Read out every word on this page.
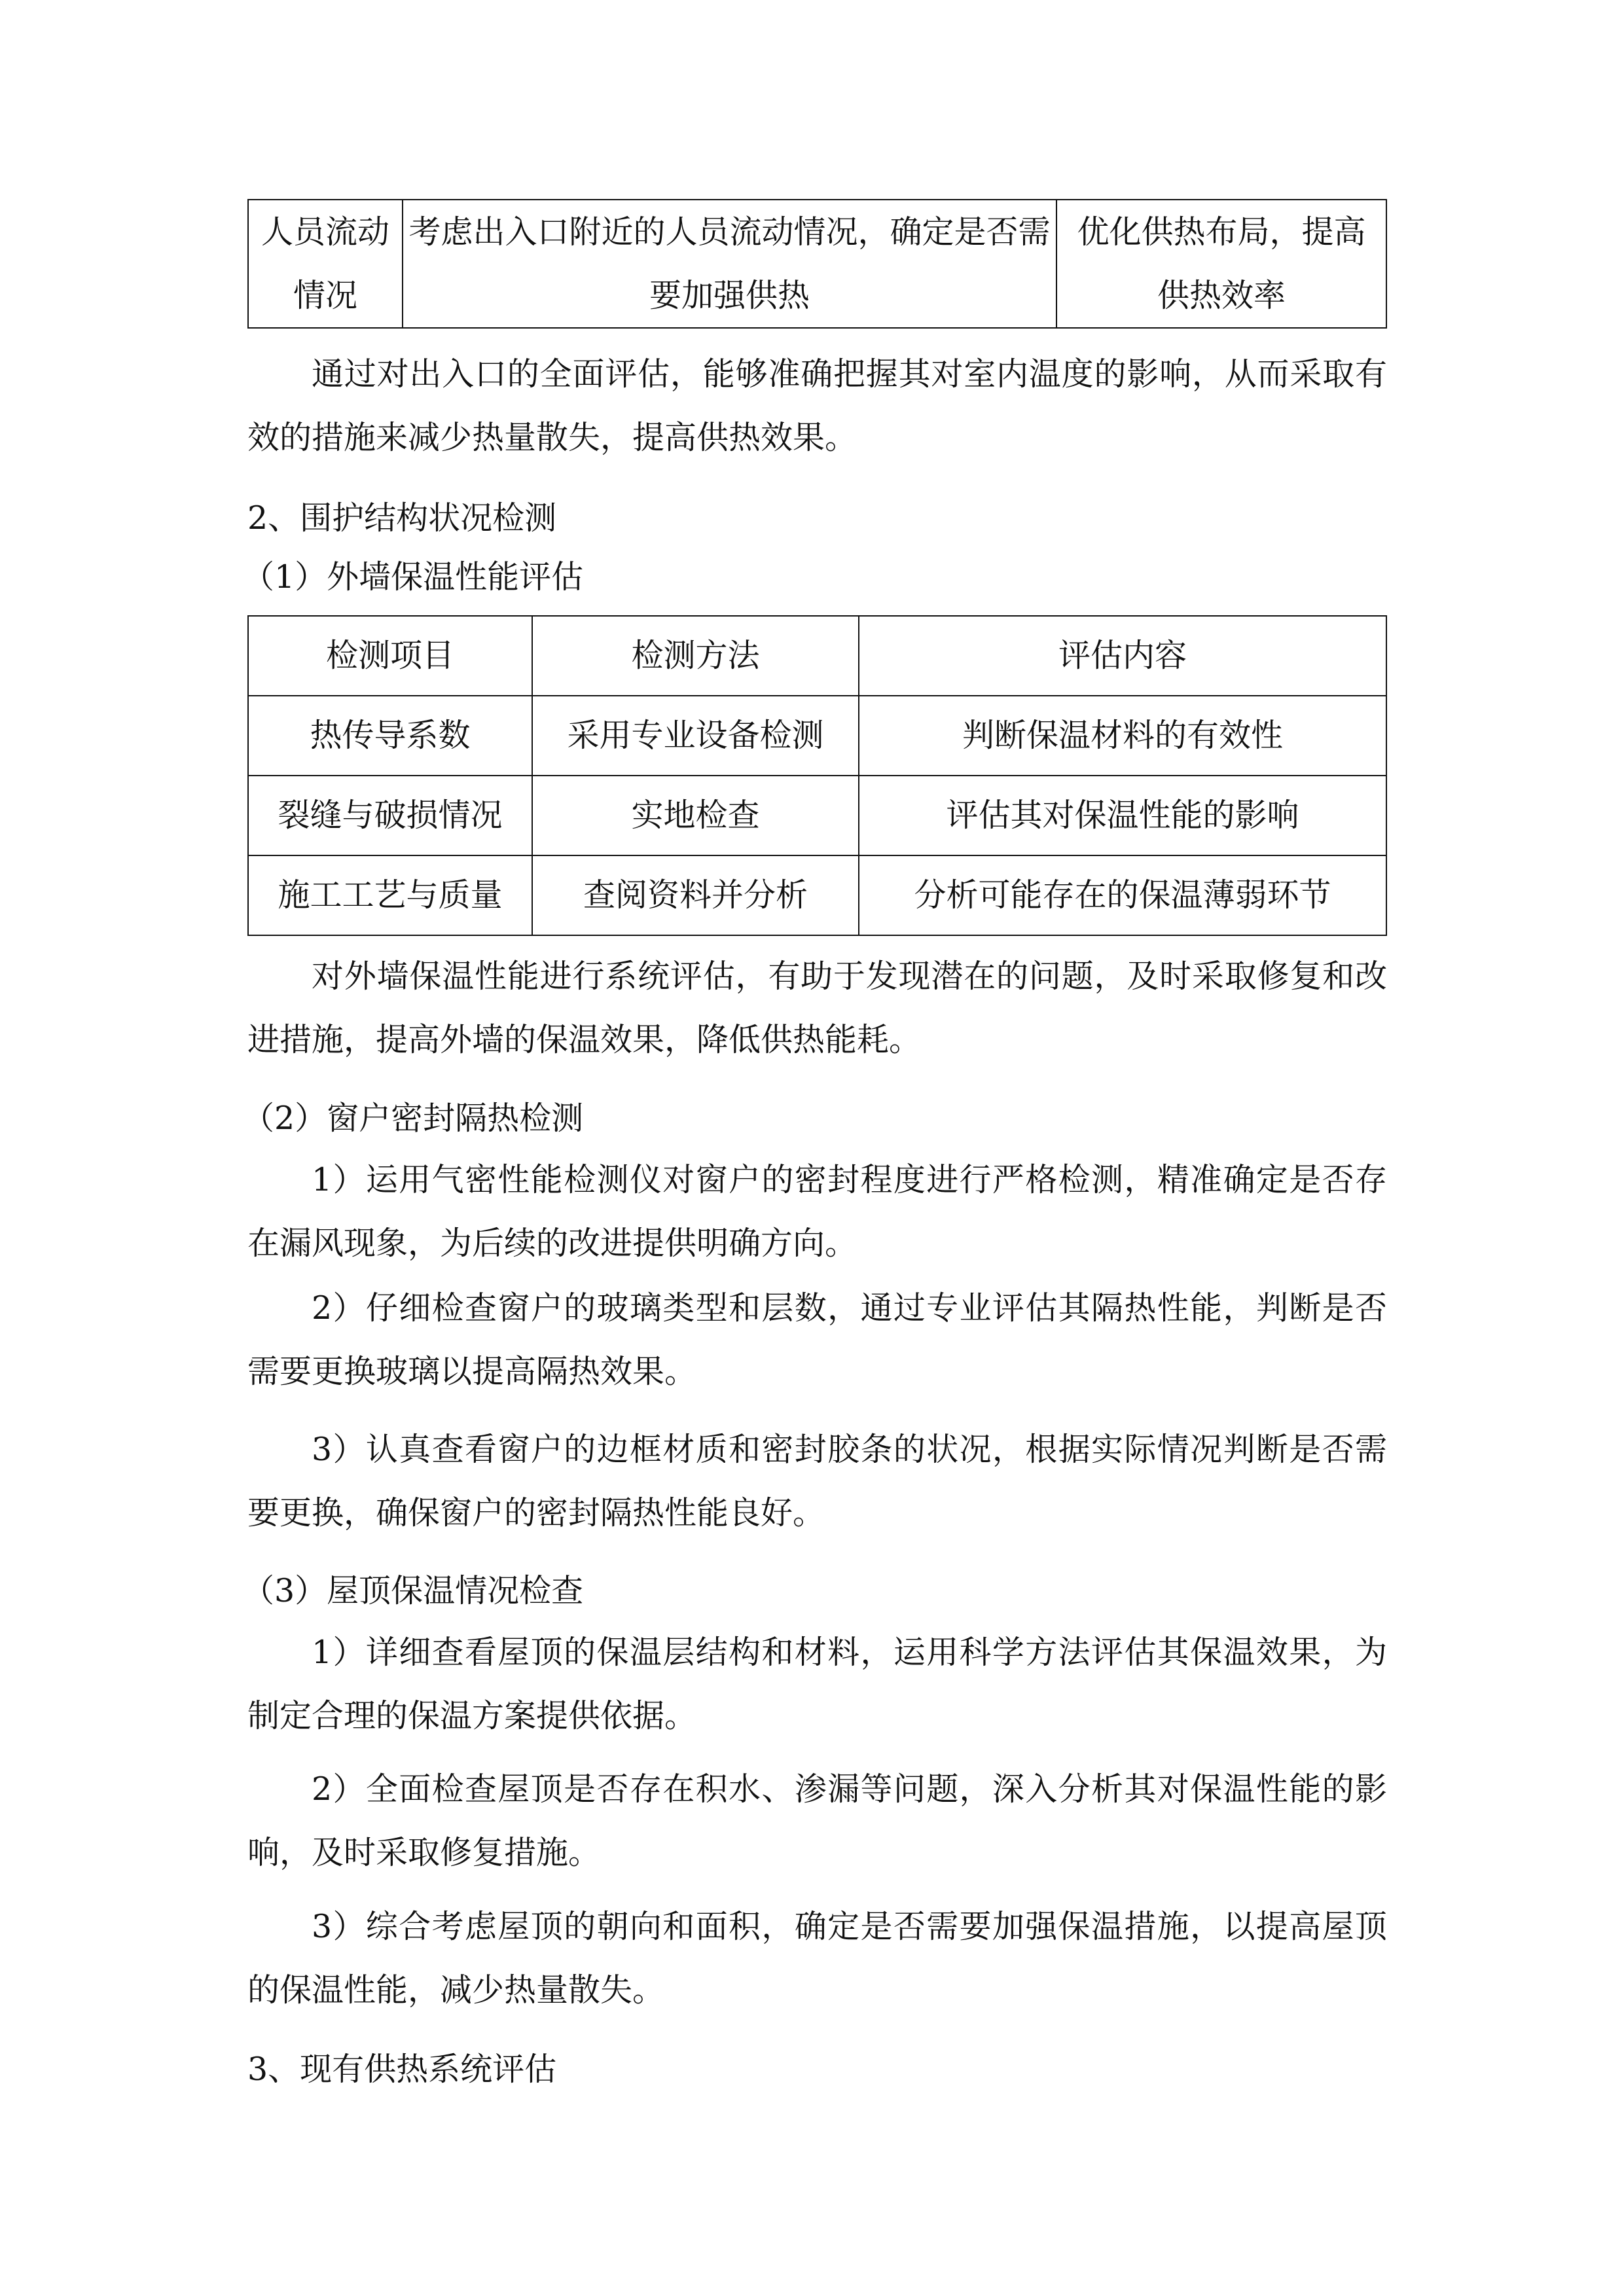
人员流动情况	考虑出入口附近的人员流动情况，确定是否需要加强供热	优化供热布局，提高供热效率
通过对出入口的全面评估，能够准确把握其对室内温度的影响，从而采取有效的措施来减少热量散失，提高供热效果。
2、围护结构状况检测
（1）外墙保温性能评估
检测项目	检测方法	评估内容
热传导系数	采用专业设备检测	判断保温材料的有效性
裂缝与破损情况	实地检查	评估其对保温性能的影响
施工工艺与质量	查阅资料并分析	分析可能存在的保温薄弱环节
对外墙保温性能进行系统评估，有助于发现潜在的问题，及时采取修复和改进措施，提高外墙的保温效果，降低供热能耗。
（2）窗户密封隔热检测
1）运用气密性能检测仪对窗户的密封程度进行严格检测，精准确定是否存在漏风现象，为后续的改进提供明确方向。
2）仔细检查窗户的玻璃类型和层数，通过专业评估其隔热性能，判断是否需要更换玻璃以提高隔热效果。
3）认真查看窗户的边框材质和密封胶条的状况，根据实际情况判断是否需要更换，确保窗户的密封隔热性能良好。
（3）屋顶保温情况检查
1）详细查看屋顶的保温层结构和材料，运用科学方法评估其保温效果，为制定合理的保温方案提供依据。
2）全面检查屋顶是否存在积水、渗漏等问题，深入分析其对保温性能的影响，及时采取修复措施。
3）综合考虑屋顶的朝向和面积，确定是否需要加强保温措施，以提高屋顶的保温性能，减少热量散失。
3、现有供热系统评估
